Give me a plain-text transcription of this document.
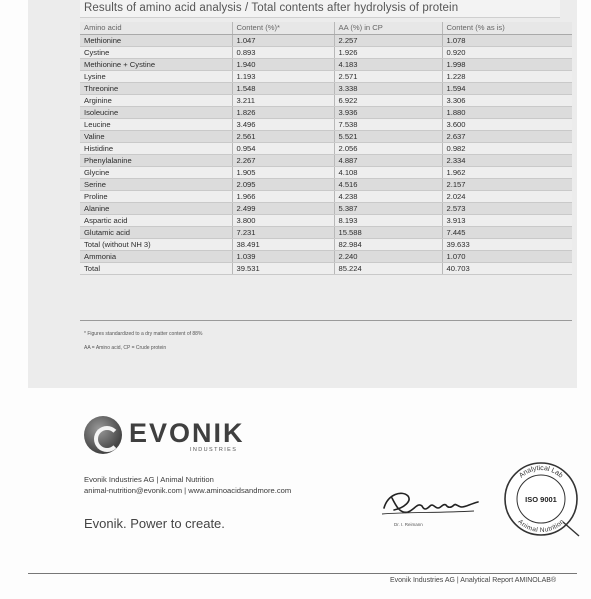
Results of amino acid analysis / Total contents after hydrolysis of protein
Amino acid	Content (%)*	AA (%) in CP	Content (% as is)
Methionine	1.047	2.257	1.078
Cystine	0.893	1.926	0.920
Methionine + Cystine	1.940	4.183	1.998
Lysine	1.193	2.571	1.228
Threonine	1.548	3.338	1.594
Arginine	3.211	6.922	3.306
Isoleucine	1.826	3.936	1.880
Leucine	3.496	7.538	3.600
Valine	2.561	5.521	2.637
Histidine	0.954	2.056	0.982
Phenylalanine	2.267	4.887	2.334
Glycine	1.905	4.108	1.962
Serine	2.095	4.516	2.157
Proline	1.966	4.238	2.024
Alanine	2.499	5.387	2.573
Aspartic acid	3.800	8.193	3.913
Glutamic acid	7.231	15.588	7.445
Total (without NH 3)	38.491	82.984	39.633
Ammonia	1.039	2.240	1.070
Total	39.531	85.224	40.703
* Figures standardized to a dry matter content of 88%
AA = Amino acid, CP = Crude protein
EVONIK
INDUSTRIES
Evonik Industries AG | Animal Nutrition
animal-nutrition@evonik.com | www.aminoacidsandmore.com
Evonik. Power to create.	Dr. I. Reimann
Analytical Lab
Animal Nutrition
ISO 9001
Evonik Industries AG | Analytical Report AMINOLAB®
